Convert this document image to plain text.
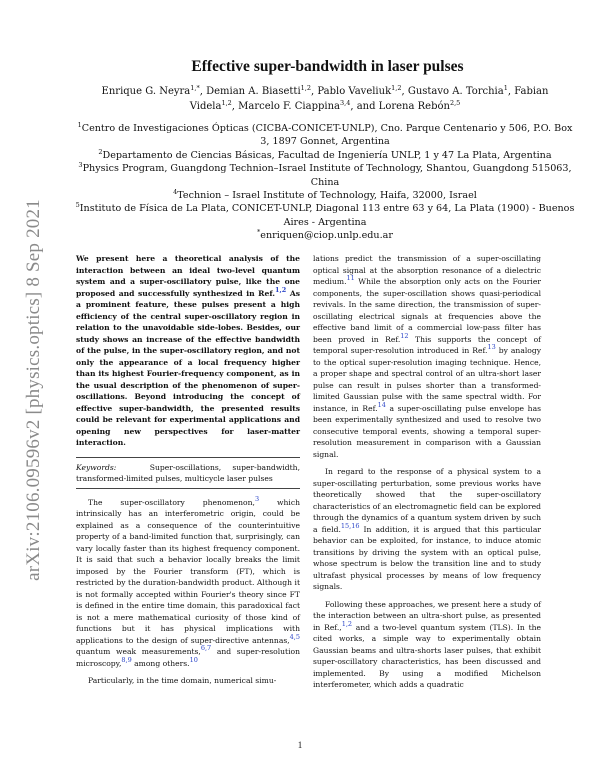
arXiv:2106.09596v2 [physics.optics] 8 Sep 2021
Effective super-bandwidth in laser pulses
Enrique G. Neyra$^{1,*}$, Demian A. Biasetti$^{1,2}$, Pablo Vaveliuk$^{1,2}$, Gustavo A. Torchia$^1$, Fabian Videla$^{1,2}$, Marcelo F. Ciappina$^{3,4}$, and Lorena Rebón$^{2,5}$
$^1$Centro de Investigaciones Ópticas (CICBA-CONICET-UNLP), Cno. Parque Centenario y 506, P.O. Box 3, 1897 Gonnet, Argentina
$^2$Departamento de Ciencias Básicas, Facultad de Ingeniería UNLP, 1 y 47 La Plata, Argentina
$^3$Physics Program, Guangdong Technion–Israel Institute of Technology, Shantou, Guangdong 515063, China
$^4$Technion – Israel Institute of Technology, Haifa, 32000, Israel
$^5$Instituto de Física de La Plata, CONICET-UNLP, Diagonal 113 entre 63 y 64, La Plata (1900) - Buenos Aires - Argentina
*enriquen@ciop.unlp.edu.ar
We present here a theoretical analysis of the interaction between an ideal two-level quantum system and a super-oscillatory pulse, like the one proposed and successfully synthesized in Ref.$^{1,2}$ As a prominent feature, these pulses present a high efficiency of the central super-oscillatory region in relation to the unavoidable side-lobes. Besides, our study shows an increase of the effective bandwidth of the pulse, in the super-oscillatory region, and not only the appearance of a local frequency higher than its highest Fourier-frequency component, as in the usual description of the phenomenon of super-oscillations. Beyond introducing the concept of effective super-bandwidth, the presented results could be relevant for experimental applications and opening new perspectives for laser-matter interaction.
Keywords:	Super-oscillations, super-bandwidth, transformed-limited pulses, multicycle laser pulses

The super-oscillatory phenomenon,$^3$ which intrinsically has an interferometric origin, could be explained as a consequence of the counterintuitive property of a band-limited function that, surprisingly, can vary locally faster than its highest frequency component. It is said that such a behavior locally breaks the limit imposed by the Fourier transform (FT), which is restricted by the duration-bandwidth product. Although it is not formally accepted within Fourier's theory since FT is defined in the entire time domain, this paradoxical fact is not a mere mathematical curiosity of those kind of functions but it has physical implications with applications to the design of super-directive antennas,$^{4,5}$ quantum weak measurements,$^{6,7}$ and super-resolution microscopy,$^{8,9}$ among others.$^{10}$

Particularly, in the time domain, numerical simu-

lations predict the transmission of a super-oscillating optical signal at the absorption resonance of a dielectric medium.$^{11}$ While the absorption only acts on the Fourier components, the super-oscillation shows quasi-periodical revivals. In the same direction, the transmission of super-oscillating electrical signals at frequencies above the effective band limit of a commercial low-pass filter has been proved in Ref.$^{12}$ This supports the concept of temporal super-resolution introduced in Ref.$^{13}$ by analogy to the optical super-resolution imaging technique. Hence, a proper shape and spectral control of an ultra-short laser pulse can result in pulses shorter than a transformed-limited Gaussian pulse with the same spectral width. For instance, in Ref.$^{14}$ a super-oscillating pulse envelope has been experimentally synthesized and used to resolve two consecutive temporal events, showing a temporal super-resolution measurement in comparison with a Gaussian signal.

In regard to the response of a physical system to a super-oscillating perturbation, some previous works have theoretically showed that the super-oscillatory characteristics of an electromagnetic field can be explored through the dynamics of a quantum system driven by such a field.$^{15,16}$ In addition, it is argued that this particular behavior can be exploited, for instance, to induce atomic transitions by driving the system with an optical pulse, whose spectrum is below the transition line and to study ultrafast physical processes by means of low frequency signals.

Following these approaches, we present here a study of the interaction between an ultra-short pulse, as presented in Ref.,$^{1,2}$ and a two-level quantum system (TLS). In the cited works, a simple way to experimentally obtain Gaussian beams and ultra-shorts laser pulses, that exhibit super-oscillatory characteristics, has been discussed and implemented. By using a modified Michelson interferometer, which adds a quadratic

1
